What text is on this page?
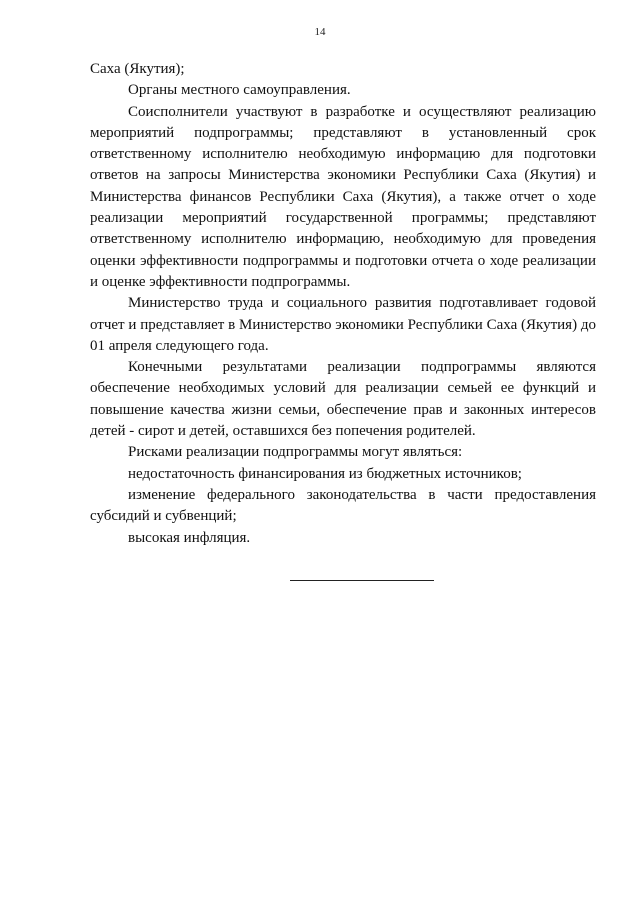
14

Саха (Якутия);

Органы местного самоуправления.

Соисполнители участвуют в разработке и осуществляют реализацию мероприятий подпрограммы; представляют в установленный срок ответственному исполнителю необходимую информацию для подготовки ответов на запросы Министерства экономики Республики Саха (Якутия) и Министерства финансов Республики Саха (Якутия), а также отчет о ходе реализации мероприятий государственной программы; представляют ответственному исполнителю информацию, необходимую для проведения оценки эффективности подпрограммы и подготовки отчета о ходе реализации и оценке эффективности подпрограммы.

Министерство труда и социального развития подготавливает годовой отчет и представляет в Министерство экономики Республики Саха (Якутия) до 01 апреля следующего года.

Конечными результатами реализации подпрограммы являются обеспечение необходимых условий для реализации семьей ее функций и повышение качества жизни семьи, обеспечение прав и законных интересов детей - сирот и детей, оставшихся без попечения родителей.

Рисками реализации подпрограммы могут являться:

недостаточность финансирования из бюджетных источников;

изменение федерального законодательства в части предоставления субсидий и субвенций;

высокая инфляция.
